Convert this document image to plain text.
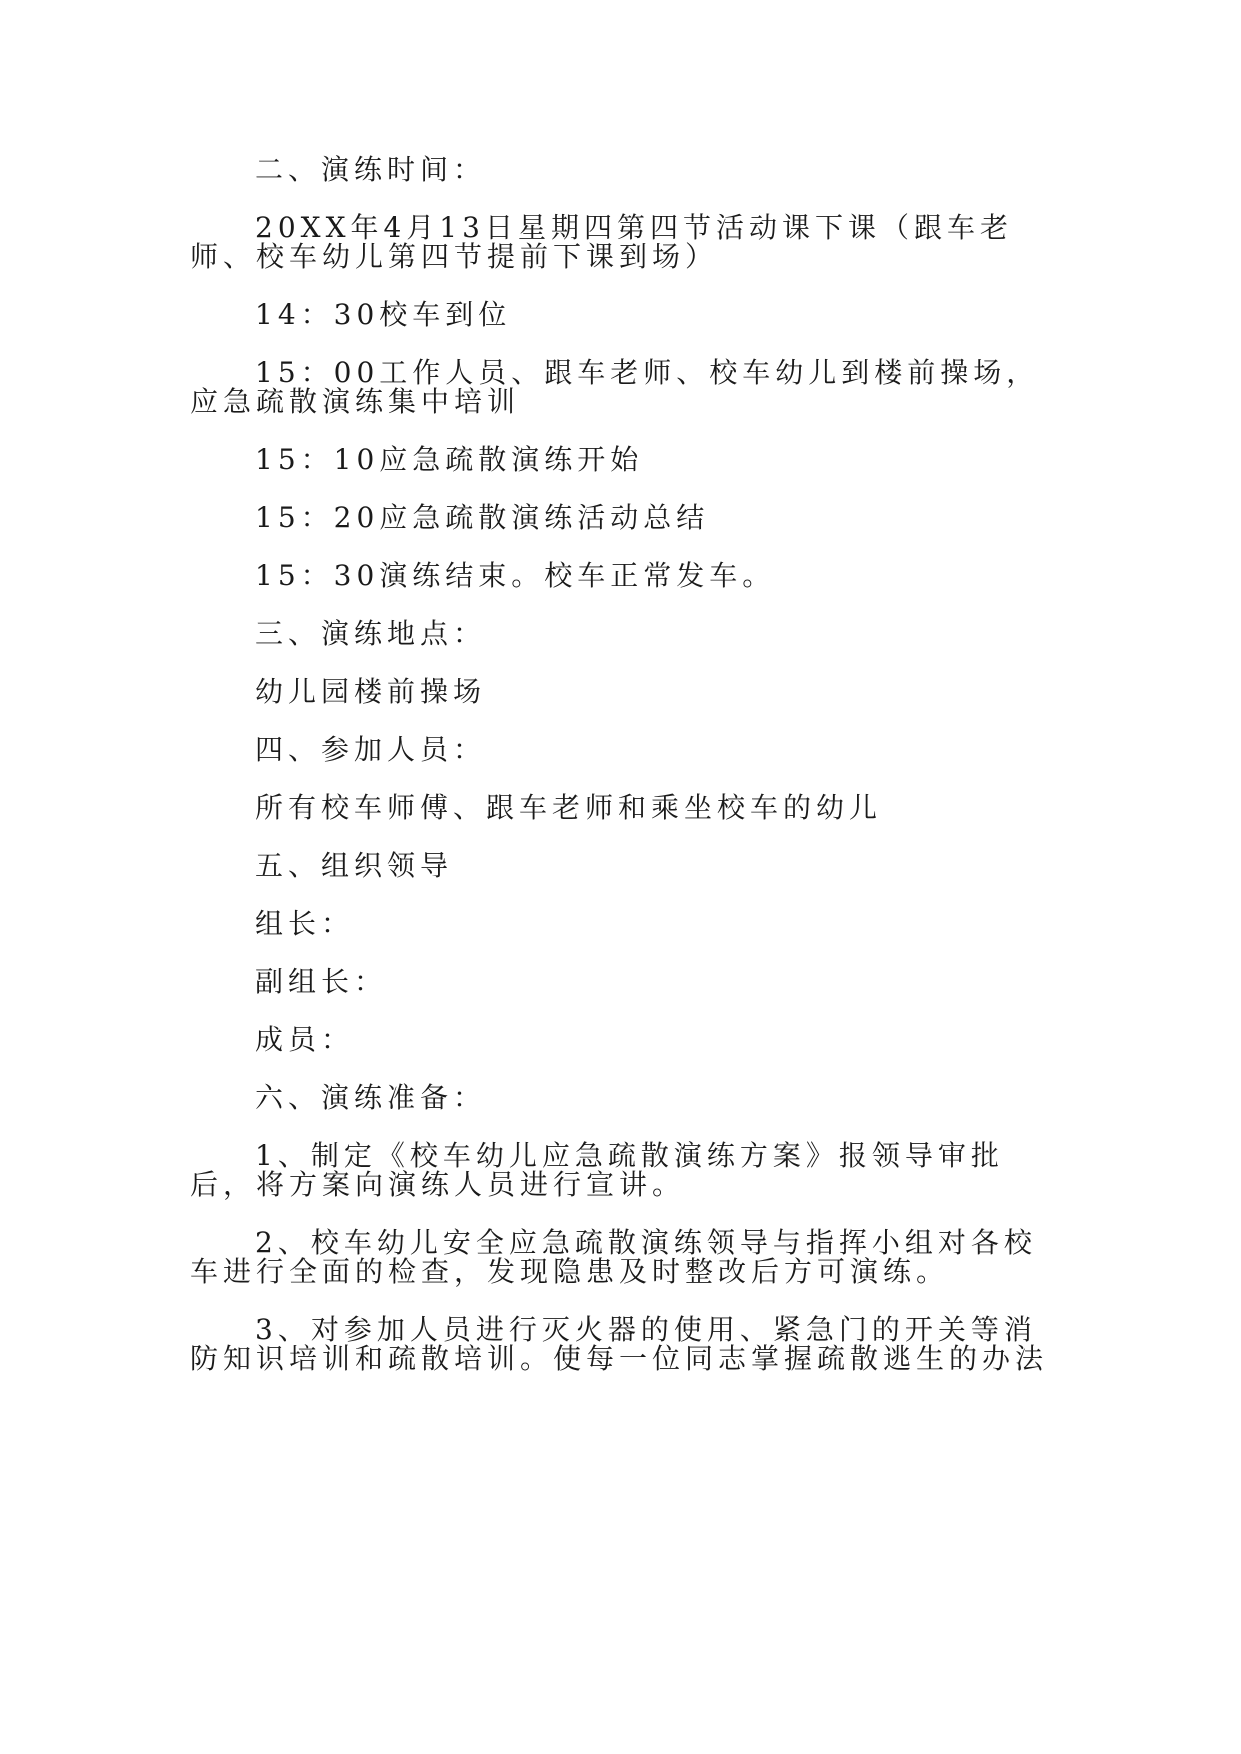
二、演练时间：

20XX年4月13日星期四第四节活动课下课（跟车老师、校车幼儿第四节提前下课到场）

14：30校车到位

15：00工作人员、跟车老师、校车幼儿到楼前操场，应急疏散演练集中培训

15：10应急疏散演练开始

15：20应急疏散演练活动总结

15：30演练结束。校车正常发车。

三、演练地点：

幼儿园楼前操场

四、参加人员：

所有校车师傅、跟车老师和乘坐校车的幼儿

五、组织领导

组长：

副组长：

成员：

六、演练准备：

1、制定《校车幼儿应急疏散演练方案》报领导审批后，将方案向演练人员进行宣讲。

2、校车幼儿安全应急疏散演练领导与指挥小组对各校车进行全面的检查，发现隐患及时整改后方可演练。

3、对参加人员进行灭火器的使用、紧急门的开关等消防知识培训和疏散培训。使每一位同志掌握疏散逃生的办法
